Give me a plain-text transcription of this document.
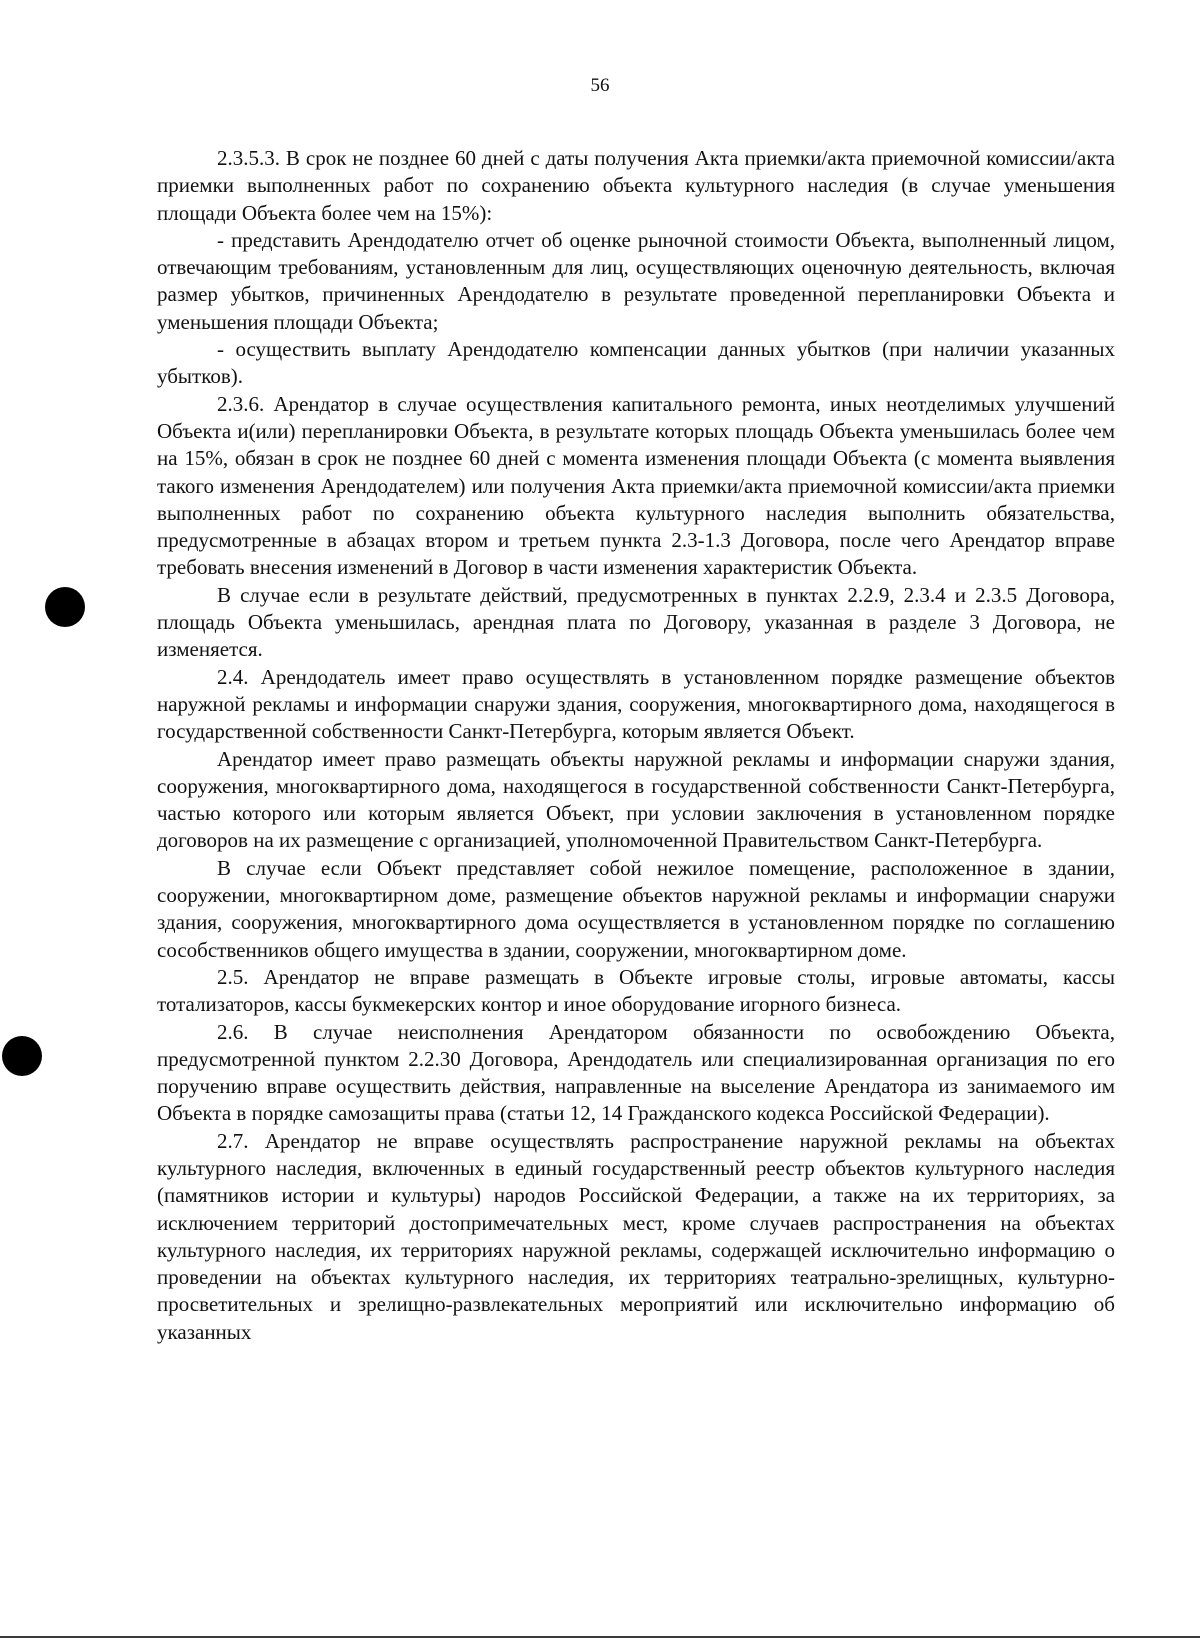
56

2.3.5.3. В срок не позднее 60 дней с даты получения Акта приемки/акта приемочной комиссии/акта приемки выполненных работ по сохранению объекта культурного наследия (в случае уменьшения площади Объекта более чем на 15%):

- представить Арендодателю отчет об оценке рыночной стоимости Объекта, выполненный лицом, отвечающим требованиям, установленным для лиц, осуществляющих оценочную деятельность, включая размер убытков, причиненных Арендодателю в результате проведенной перепланировки Объекта и уменьшения площади Объекта;

- осуществить выплату Арендодателю компенсации данных убытков (при наличии указанных убытков).

2.3.6. Арендатор в случае осуществления капитального ремонта, иных неотделимых улучшений Объекта и(или) перепланировки Объекта, в результате которых площадь Объекта уменьшилась более чем на 15%, обязан в срок не позднее 60 дней с момента изменения площади Объекта (с момента выявления такого изменения Арендодателем) или получения Акта приемки/акта приемочной комиссии/акта приемки выполненных работ по сохранению объекта культурного наследия выполнить обязательства, предусмотренные в абзацах втором и третьем пункта 2.3-1.3 Договора, после чего Арендатор вправе требовать внесения изменений в Договор в части изменения характеристик Объекта.

В случае если в результате действий, предусмотренных в пунктах 2.2.9, 2.3.4 и 2.3.5 Договора, площадь Объекта уменьшилась, арендная плата по Договору, указанная в разделе 3 Договора, не изменяется.

2.4. Арендодатель имеет право осуществлять в установленном порядке размещение объектов наружной рекламы и информации снаружи здания, сооружения, многоквартирного дома, находящегося в государственной собственности Санкт-Петербурга, которым является Объект.

Арендатор имеет право размещать объекты наружной рекламы и информации снаружи здания, сооружения, многоквартирного дома, находящегося в государственной собственности Санкт-Петербурга, частью которого или которым является Объект, при условии заключения в установленном порядке договоров на их размещение с организацией, уполномоченной Правительством Санкт-Петербурга.

В случае если Объект представляет собой нежилое помещение, расположенное в здании, сооружении, многоквартирном доме, размещение объектов наружной рекламы и информации снаружи здания, сооружения, многоквартирного дома осуществляется в установленном порядке по соглашению сособственников общего имущества в здании, сооружении, многоквартирном доме.

2.5. Арендатор не вправе размещать в Объекте игровые столы, игровые автоматы, кассы тотализаторов, кассы букмекерских контор и иное оборудование игорного бизнеса.

2.6. В случае неисполнения Арендатором обязанности по освобождению Объекта, предусмотренной пунктом 2.2.30 Договора, Арендодатель или специализированная организация по его поручению вправе осуществить действия, направленные на выселение Арендатора из занимаемого им Объекта в порядке самозащиты права (статьи 12, 14 Гражданского кодекса Российской Федерации).

2.7. Арендатор не вправе осуществлять распространение наружной рекламы на объектах культурного наследия, включенных в единый государственный реестр объектов культурного наследия (памятников истории и культуры) народов Российской Федерации, а также на их территориях, за исключением территорий достопримечательных мест, кроме случаев распространения на объектах культурного наследия, их территориях наружной рекламы, содержащей исключительно информацию о проведении на объектах культурного наследия, их территориях театрально-зрелищных, культурно-просветительных и зрелищно-развлекательных мероприятий или исключительно информацию об указанных
